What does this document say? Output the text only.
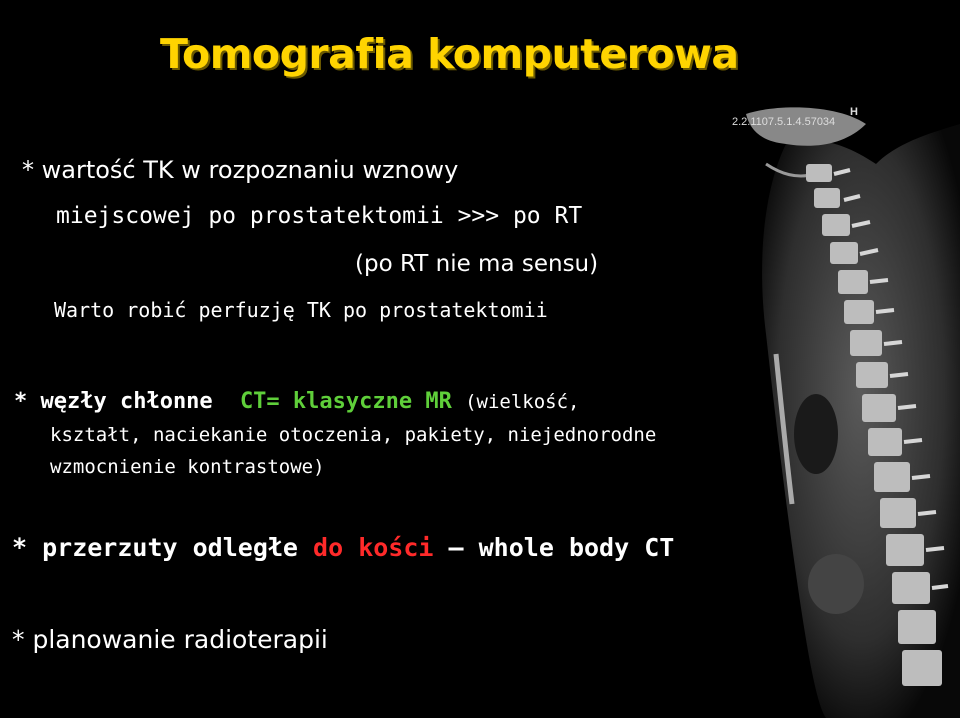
Tomografia komputerowa
* wartość TK w rozpoznaniu wznowy
miejscowej po prostatektomii >>> po RT
(po RT nie ma sensu)
Warto robić perfuzję TK po prostatektomii
* węzły chłonne CT= klasyczne MR (wielkość,
kształt, naciekanie otoczenia, pakiety, niejednorodne
wzmocnienie kontrastowe)
* przerzuty odległe do kości – whole body CT
* planowanie radioterapii
2.2.1107.5.1.4.57034
H
